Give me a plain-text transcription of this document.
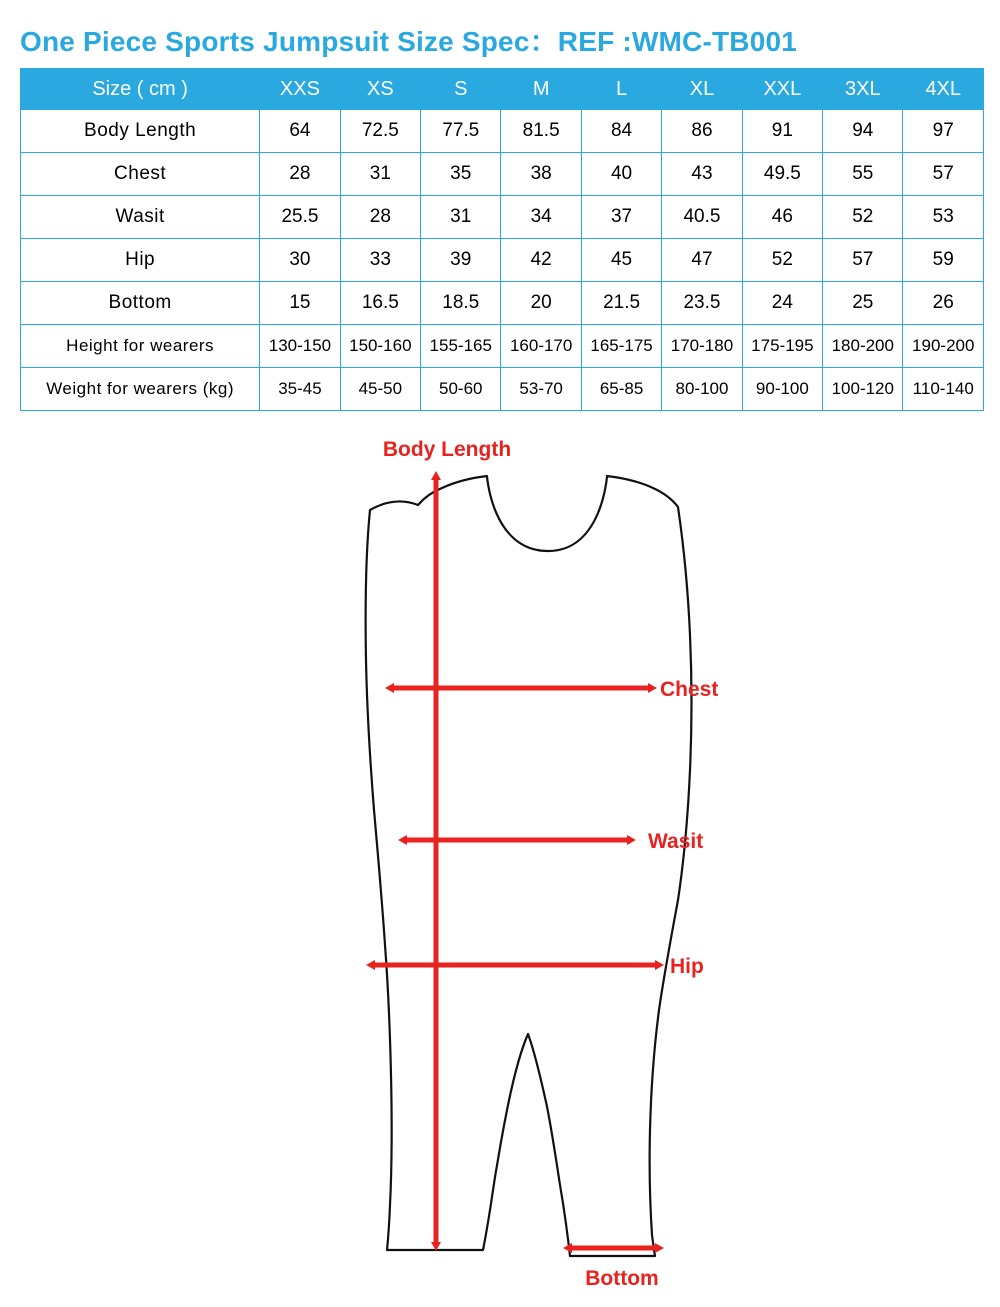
One Piece Sports Jumpsuit Size Spec：REF :WMC-TB001
Size ( cm )	XXS	XS	S	M	L	XL	XXL	3XL	4XL
Body Length	64	72.5	77.5	81.5	84	86	91	94	97
Chest	28	31	35	38	40	43	49.5	55	57
Wasit	25.5	28	31	34	37	40.5	46	52	53
Hip	30	33	39	42	45	47	52	57	59
Bottom	15	16.5	18.5	20	21.5	23.5	24	25	26
Height for wearers	130-150	150-160	155-165	160-170	165-175	170-180	175-195	180-200	190-200
Weight for wearers (kg)	35-45	45-50	50-60	53-70	65-85	80-100	90-100	100-120	110-140
Body Length
Chest
Wasit
Hip
Bottom
